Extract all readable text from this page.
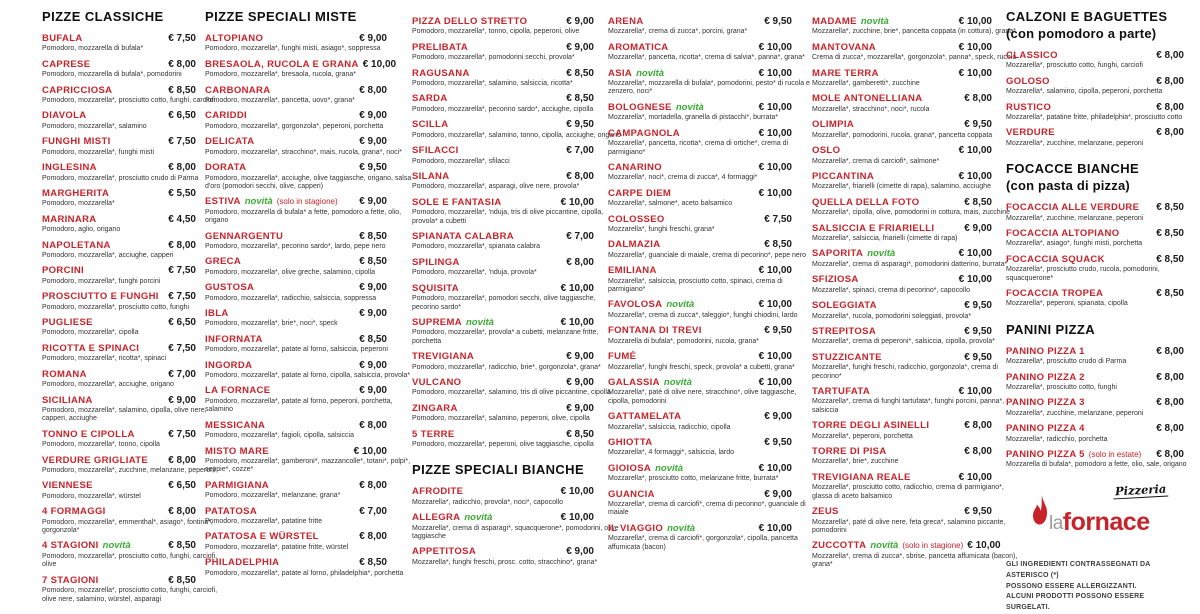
PIZZE CLASSICHE
BUFALA	€ 7,50
Pomodoro, mozzarella di bufala*
CAPRESE	€ 8,00
Pomodoro, mozzarella di bufala*, pomodorini
CAPRICCIOSA	€ 8,50
Pomodoro, mozzarella*, prosciutto cotto, funghi, carciofi
DIAVOLA	€ 6,50
Pomodoro, mozzarella*, salamino
FUNGHI MISTI	€ 7,50
Pomodoro, mozzarella*, funghi misti
INGLESINA	€ 8,00
Pomodoro, mozzarella*, prosciutto crudo di Parma
MARGHERITA	€ 5,50
Pomodoro, mozzarella*
MARINARA	€ 4,50
Pomodoro, aglio, origano
NAPOLETANA	€ 8,00
Pomodoro, mozzarella*, acciughe, capperi
PORCINI	€ 7,50
Pomodoro, mozzarella*, funghi porcini
PROSCIUTTO E FUNGHI € 7,50
Pomodoro, mozzarella*, prosciutto cotto, funghi
PUGLIESE	€ 6,50
Pomodoro, mozzarella*, cipolla
RICOTTA E SPINACI	€ 7,50
Pomodoro, mozzarella*, ricotta*, spinaci
ROMANA	€ 7,00
Pomodoro, mozzarella*, acciughe, origano
SICILIANA	€ 9,00
Pomodoro, mozzarella*, salamino, cipolla, olive nere, capperi, acciughe
TONNO E CIPOLLA	€ 7,50
Pomodoro, mozzarella*, tonno, cipolla
VERDURE GRIGLIATE € 8,00
Pomodoro, mozzarella*, zucchine, melanzane, peperoni
VIENNESE	€ 6,50
Pomodoro, mozzarella*, würstel
4 FORMAGGI	€ 8,00
Pomodoro, mozzarella*, emmenthal*, asiago*, fontina*, gorgonzola*
4 STAGIONI novità	€ 8,50
Pomodoro, mozzarella*, prosciutto cotto, funghi, carciofi, olive
7 STAGIONI	€ 8,50
Pomodoro, mozzarella*, prosciutto cotto, funghi, carciofi, olive nere, salamino, würstel, asparagi
PIZZE SPECIALI MISTE
ALTOPIANO	€ 9,00
Pomodoro, mozzarella*, funghi misti, asiago*, soppressa
BRESAOLA, RUCOLA E GRANA € 10,00
Pomodoro, mozzarella*, bresaola, rucola, grana*
CARBONARA	€ 8,00
Pomodoro, mozzarella*, pancetta, uovo*, grana*
CARIDDI	€ 9,00
Pomodoro, mozzarella*, gorgonzola*, peperoni, porchetta
DELICATA	€ 9,00
Pomodoro, mozzarella*, stracchino*, mais, rucola, grana*, noci*
DORATA	€ 9,50
Pomodoro, mozzarella*, acciughe, olive taggiasche, origano, salsa d'oro (pomodori secchi, olive, capperi)
ESTIVA novità (solo in stagione) € 9,00
Pomodoro, mozzarella di bufala* a fette, pomodoro a fette, olio, origano
GENNARGENTU	€ 8,50
Pomodoro, mozzarella*, pecorino sardo*, lardo, pepe nero
GRECA	€ 8,50
Pomodoro, mozzarella*, olive greche, salamino, cipolla
GUSTOSA	€ 9,00
Pomodoro, mozzarella*, radicchio, salsiccia, soppressa
IBLA	€ 9,00
Pomodoro, mozzarella*, brie*, noci*, speck
INFORNATA	€ 8,50
Pomodoro, mozzarella*, patate al forno, salsiccia, peperoni
INGORDA	€ 9,00
Pomodoro, mozzarella*, patate al forno, cipolla, salsiccia, provola*
LA FORNACE	€ 9,00
Pomodoro, mozzarella*, patate al forno, peperoni, porchetta, salamino
MESSICANA	€ 8,00
Pomodoro, mozzarella*, fagioli, cipolla, salsiccia
MISTO MARE	€ 10,00
Pomodoro, mozzarella*, gamberoni*, mazzancolle*, totani*, polpi*, seppie*, cozze*
PARMIGIANA	€ 8,00
Pomodoro, mozzarella*, melanzane, grana*
PATATOSA	€ 7,00
Pomodoro, mozzarella*, patatine fritte
PATATOSA E WÜRSTEL	€ 8,00
Pomodoro, mozzarella*, patatine fritte, würstel
PHILADELPHIA	€ 8,50
Pomodoro, mozzarella*, patate al forno, philadelphia*, porchetta
PIZZA DELLO STRETTO	€ 9,00
Pomodoro, mozzarella*, tonno, cipolla, peperoni, olive
PRELIBATA	€ 9,00
Pomodoro, mozzarella*, pomodorini secchi, provola*
RAGUSANA	€ 8,50
Pomodoro, mozzarella*, salamino, salsiccia, ricotta*
SARDA	€ 8,50
Pomodoro, mozzarella*, pecorino sardo*, acciughe, cipolla
SCILLA	€ 9,50
Pomodoro, mozzarella*, salamino, tonno, cipolla, acciughe, origano
SFILACCI	€ 7,00
Pomodoro, mozzarella*, sfilacci
SILANA	€ 8,00
Pomodoro, mozzarella*, asparagi, olive nere, provola*
SOLE E FANTASIA	€ 10,00
Pomodoro, mozzarella*, 'nduja, tris di olive piccantine, cipolla, provola* a cubetti
SPIANATA CALABRA	€ 7,00
Pomodoro, mozzarella*, spianata calabra
SPILINGA	€ 8,00
Pomodoro, mozzarella*, 'nduja, provola*
SQUISITA	€ 10,00
Pomodoro, mozzarella*, pomodori secchi, olive taggiasche, pecorino sardo*
SUPREMA novità	€ 10,00
Pomodoro, mozzarella*, provola* a cubetti, melanzane fritte, porchetta
TREVIGIANA	€ 9,00
Pomodoro, mozzarella*, radicchio, brie*, gorgonzola*, grana*
VULCANO	€ 9,00
Pomodoro, mozzarella*, salamino, tris di olive piccantine, cipolla
ZINGARA	€ 9,00
Pomodoro, mozzarella*, salamino, peperoni, olive, cipolla
5 TERRE	€ 8,50
Pomodoro, mozzarella*, peperoni, olive taggiasche, cipolla
PIZZE SPECIALI BIANCHE
AFRODITE	€ 10,00
Mozzarella*, radicchio, provola*, noci*, capocollo
ALLEGRA novità	€ 10,00
Mozzarella*, crema di asparagi*, squacquerone*, pomodorini, olive taggiasche
APPETITOSA	€ 9,00
Mozzarella*, funghi freschi, prosc. cotto, stracchino*, grana*
ARENA	€ 9,50
Mozzarella*, crema di zucca*, porcini, grana*
AROMATICA	€ 10,00
Mozzarella*, pancetta, ricotta*, crema di salvia*, panna*, grana*
ASIA novità	€ 10,00
Mozzarella*, mozzarella di bufala*, pomodorini, pesto* di rucola e zenzero, noci*
BOLOGNESE novità	€ 10,00
Mozzarella*, mortadella, granella di pistacchi*, burrata*
CAMPAGNOLA	€ 10,00
Mozzarella*, pancetta, ricotta*, crema di ortiche*, crema di parmigiano*
CANARINO	€ 10,00
Mozzarella*, noci*, crema di zucca*, 4 formaggi*
CARPE DIEM	€ 10,00
Mozzarella*, salmone*, aceto balsamico
COLOSSEO	€ 7,50
Mozzarella*, funghi freschi, grana*
DALMAZIA	€ 8,50
Mozzarella*, guanciale di maiale, crema di pecorino*, pepe nero
EMILIANA	€ 10,00
Mozzarella*, salsiccia, prosciutto cotto, spinaci, crema di parmigiano*
FAVOLOSA novità	€ 10,00
Mozzarella*, crema di zucca*, taleggio*, funghi chiodini, lardo
FONTANA DI TREVI	€ 9,50
Mozzarella di bufala*, pomodorini, rucola, grana*
FUMÉ	€ 10,00
Mozzarella*, funghi freschi, speck, provola* a cubetti, grana*
GALASSIA novità	€ 10,00
Mozzarella*, paté di olive nere, stracchino*, olive taggiasche, cipolla, pomodorini
GATTAMELATA	€ 9,00
Mozzarella*, salsiccia, radicchio, cipolla
GHIOTTA	€ 9,50
Mozzarella*, 4 formaggi*, salsiccia, lardo
GIOIOSA novità	€ 10,00
Mozzarella*, prosciutto cotto, melanzane fritte, burrata*
GUANCIA	€ 9,00
Mozzarella*, crema di carciofi*, crema di pecorino*, guanciale di maiale
IL VIAGGIO novità	€ 10,00
Mozzarella*, crema di carciofi*, gorgonzola*, cipolla, pancetta affumicata (bacon)
MADAME novità	€ 10,00
Mozzarella*, zucchine, brie*, pancetta coppata (in cottura), grana*
MANTOVANA	€ 10,00
Crema di zucca*, mozzarella*, gorgonzola*, panna*, speck, rucola
MARE TERRA	€ 10,00
Mozzarella*, gamberetti*, zucchine
MOLE ANTONELLIANA	€ 8,00
Mozzarella*, stracchino*, noci*, rucola
OLIMPIA	€ 9,50
Mozzarella*, pomodorini, rucola, grana*, pancetta coppata
OSLO	€ 10,00
Mozzarella*, crema di carciofi*, salmone*
PICCANTINA	€ 10,00
Mozzarella*, friarielli (cimette di rapa), salamino, acciughe
QUELLA DELLA FOTO	€ 8,50
Mozzarella*, cipolla, olive, pomodorini in cottura, mais, zucchine
SALSICCIA E FRIARIELLI	€ 9,00
Mozzarella*, salsiccia, friarielli (cimette di rapa)
SAPORITA novità	€ 10,00
Mozzarella*, crema di asparagi*, pomodorini datterino, burrata*
SFIZIOSA	€ 10,00
Mozzarella*, spinaci, crema di pecorino*, capocollo
SOLEGGIATA	€ 9,50
Mozzarella*, rucola, pomodorini soleggiati, provola*
STREPITOSA	€ 9,50
Mozzarella*, crema di peperoni*, salsiccia, cipolla, provola*
STUZZICANTE	€ 9,50
Mozzarella*, funghi freschi, radicchio, gorgonzola*, crema di pecorino*
TARTUFATA	€ 10,00
Mozzarella*, crema di funghi tartufata*, funghi porcini, panna*, salsiccia
TORRE DEGLI ASINELLI	€ 8,00
Mozzarella*, peperoni, porchetta
TORRE DI PISA	€ 8,00
Mozzarella*, brie*, zucchine
TREVIGIANA REALE	€ 10,00
Mozzarella*, prosciutto cotto, radicchio, crema di parmigiano*, glassa di aceto balsamico
ZEUS	€ 9,50
Mozzarella*, paté di olive nere, feta greca*, salamino piccante, pomodorini
ZUCCOTTA novità (solo in stagione) € 10,00
Mozzarella*, crema di zucca*, sbrise, pancetta affumicata (bacon), grana*
CALZONI E BAGUETTES
(con pomodoro a parte)
CLASSICO	€ 8,00
Mozzarella*, prosciutto cotto, funghi, carciofi
GOLOSO	€ 8,00
Mozzarella*, salamino, cipolla, peperoni, porchetta
RUSTICO	€ 8,00
Mozzarella*, patatine fritte, philadelphia*, prosciutto cotto
VERDURE	€ 8,00
Mozzarella*, zucchine, melanzane, peperoni
FOCACCE BIANCHE
(con pasta di pizza)
FOCACCIA ALLE VERDURE € 8,50
Mozzarella*, zucchine, melanzane, peperoni
FOCACCIA ALTOPIANO	€ 8,50
Mozzarella*, asiago*, funghi misti, porchetta
FOCACCIA SQUACK	€ 8,50
Mozzarella*, prosciutto crudo, rucola, pomodorini, squacquerone*
FOCACCIA TROPEA	€ 8,50
Mozzarella*, peperoni, spianata, cipolla
PANINI PIZZA
PANINO PIZZA 1	€ 8,00
Mozzarella*, prosciutto crudo di Parma
PANINO PIZZA 2	€ 8,00
Mozzarella*, prosciutto cotto, funghi
PANINO PIZZA 3	€ 8,00
Mozzarella*, zucchine, melanzane, peperoni
PANINO PIZZA 4	€ 8,00
Mozzarella*, radicchio, porchetta
PANINO PIZZA 5 (solo in estate) € 8,00
Mozzarella di bufala*, pomodoro a fette, olio, sale, origano
Pizzeria
la fornace
GLI INGREDIENTI CONTRASSEGNATI DA ASTERISCO (*)
POSSONO ESSERE ALLERGIZZANTI.
ALCUNI PRODOTTI POSSONO ESSERE SURGELATI.
